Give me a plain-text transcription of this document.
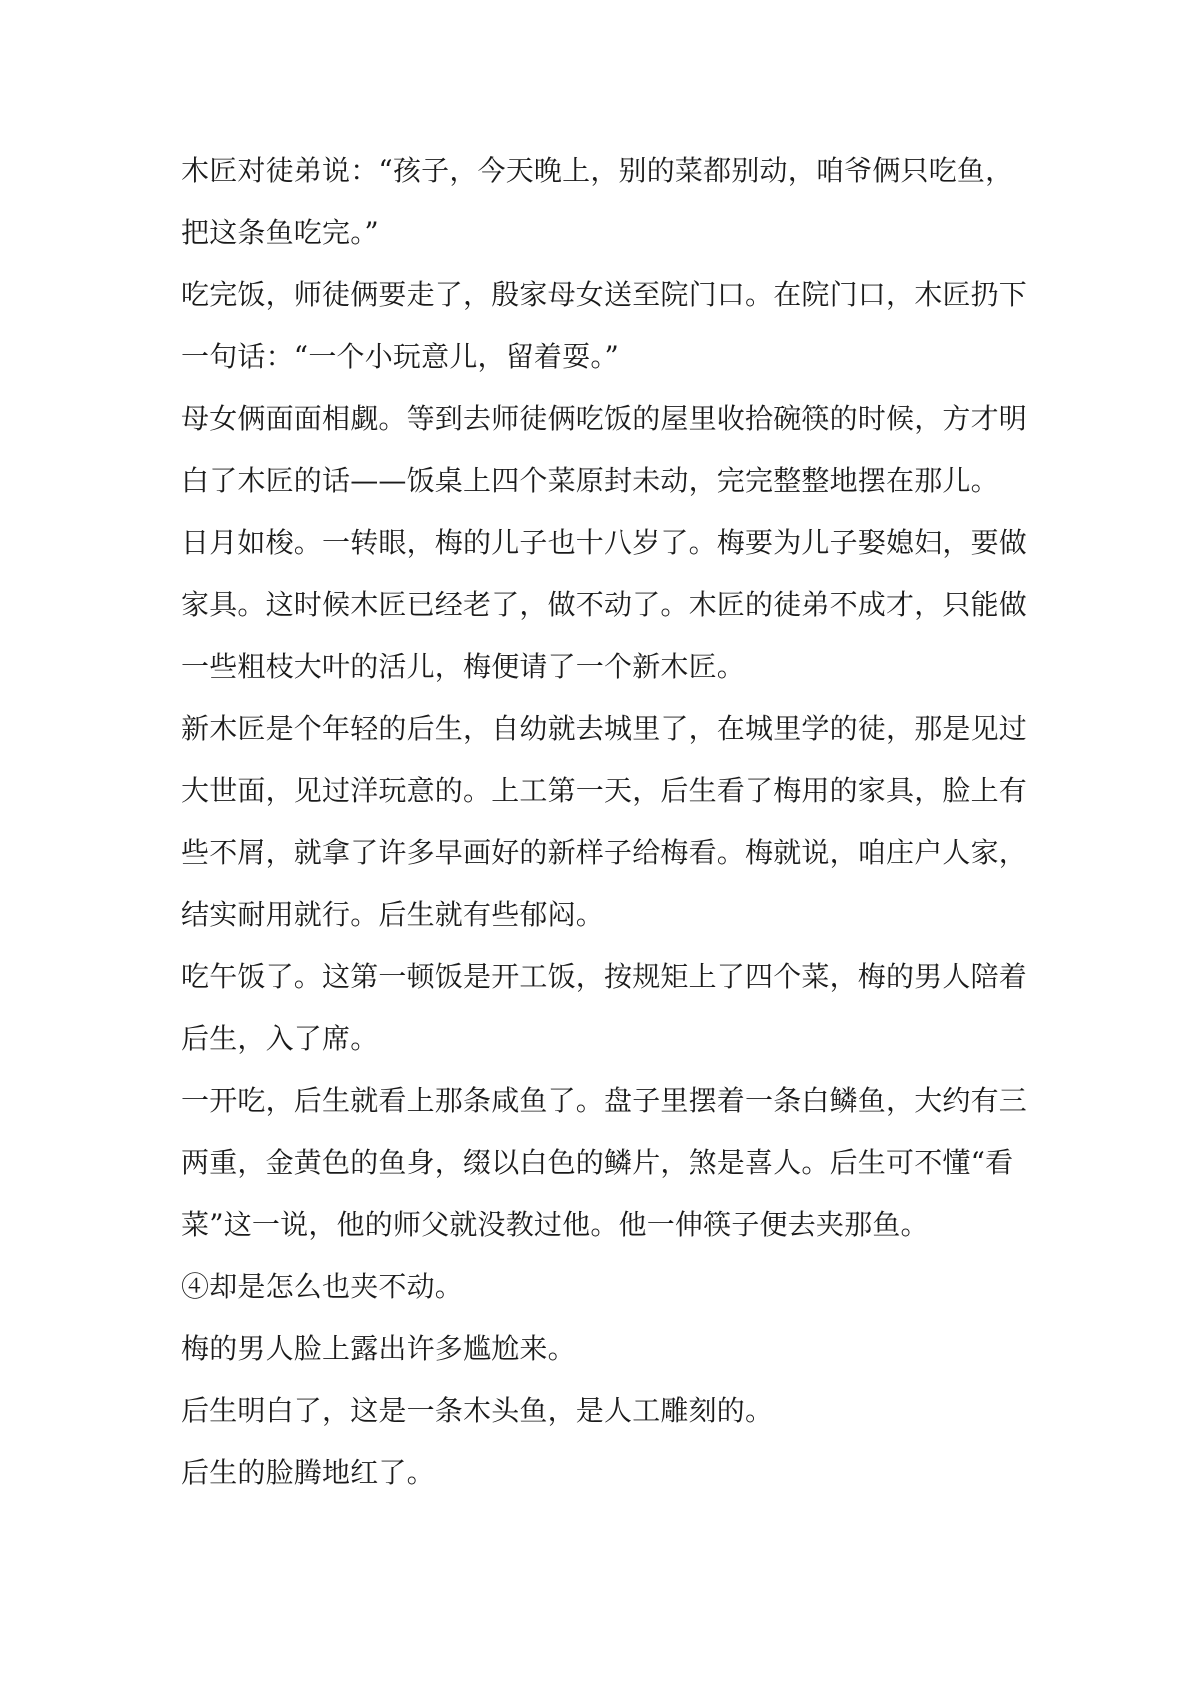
木匠对徒弟说：“孩子，今天晚上，别的菜都别动，咱爷俩只吃鱼，
把这条鱼吃完。”

吃完饭，师徒俩要走了，殷家母女送至院门口。在院门口，木匠扔下
一句话：“一个小玩意儿，留着耍。”

母女俩面面相觑。等到去师徒俩吃饭的屋里收拾碗筷的时候，方才明
白了木匠的话——饭桌上四个菜原封未动，完完整整地摆在那儿。

日月如梭。一转眼，梅的儿子也十八岁了。梅要为儿子娶媳妇，要做
家具。这时候木匠已经老了，做不动了。木匠的徒弟不成才，只能做
一些粗枝大叶的活儿，梅便请了一个新木匠。

新木匠是个年轻的后生，自幼就去城里了，在城里学的徒，那是见过
大世面，见过洋玩意的。上工第一天，后生看了梅用的家具，脸上有
些不屑，就拿了许多早画好的新样子给梅看。梅就说，咱庄户人家，
结实耐用就行。后生就有些郁闷。

吃午饭了。这第一顿饭是开工饭，按规矩上了四个菜，梅的男人陪着
后生，入了席。

一开吃，后生就看上那条咸鱼了。盘子里摆着一条白鳞鱼，大约有三
两重，金黄色的鱼身，缀以白色的鳞片，煞是喜人。后生可不懂“看
菜”这一说，他的师父就没教过他。他一伸筷子便去夹那鱼。

④却是怎么也夹不动。

梅的男人脸上露出许多尴尬来。

后生明白了，这是一条木头鱼，是人工雕刻的。

后生的脸腾地红了。
